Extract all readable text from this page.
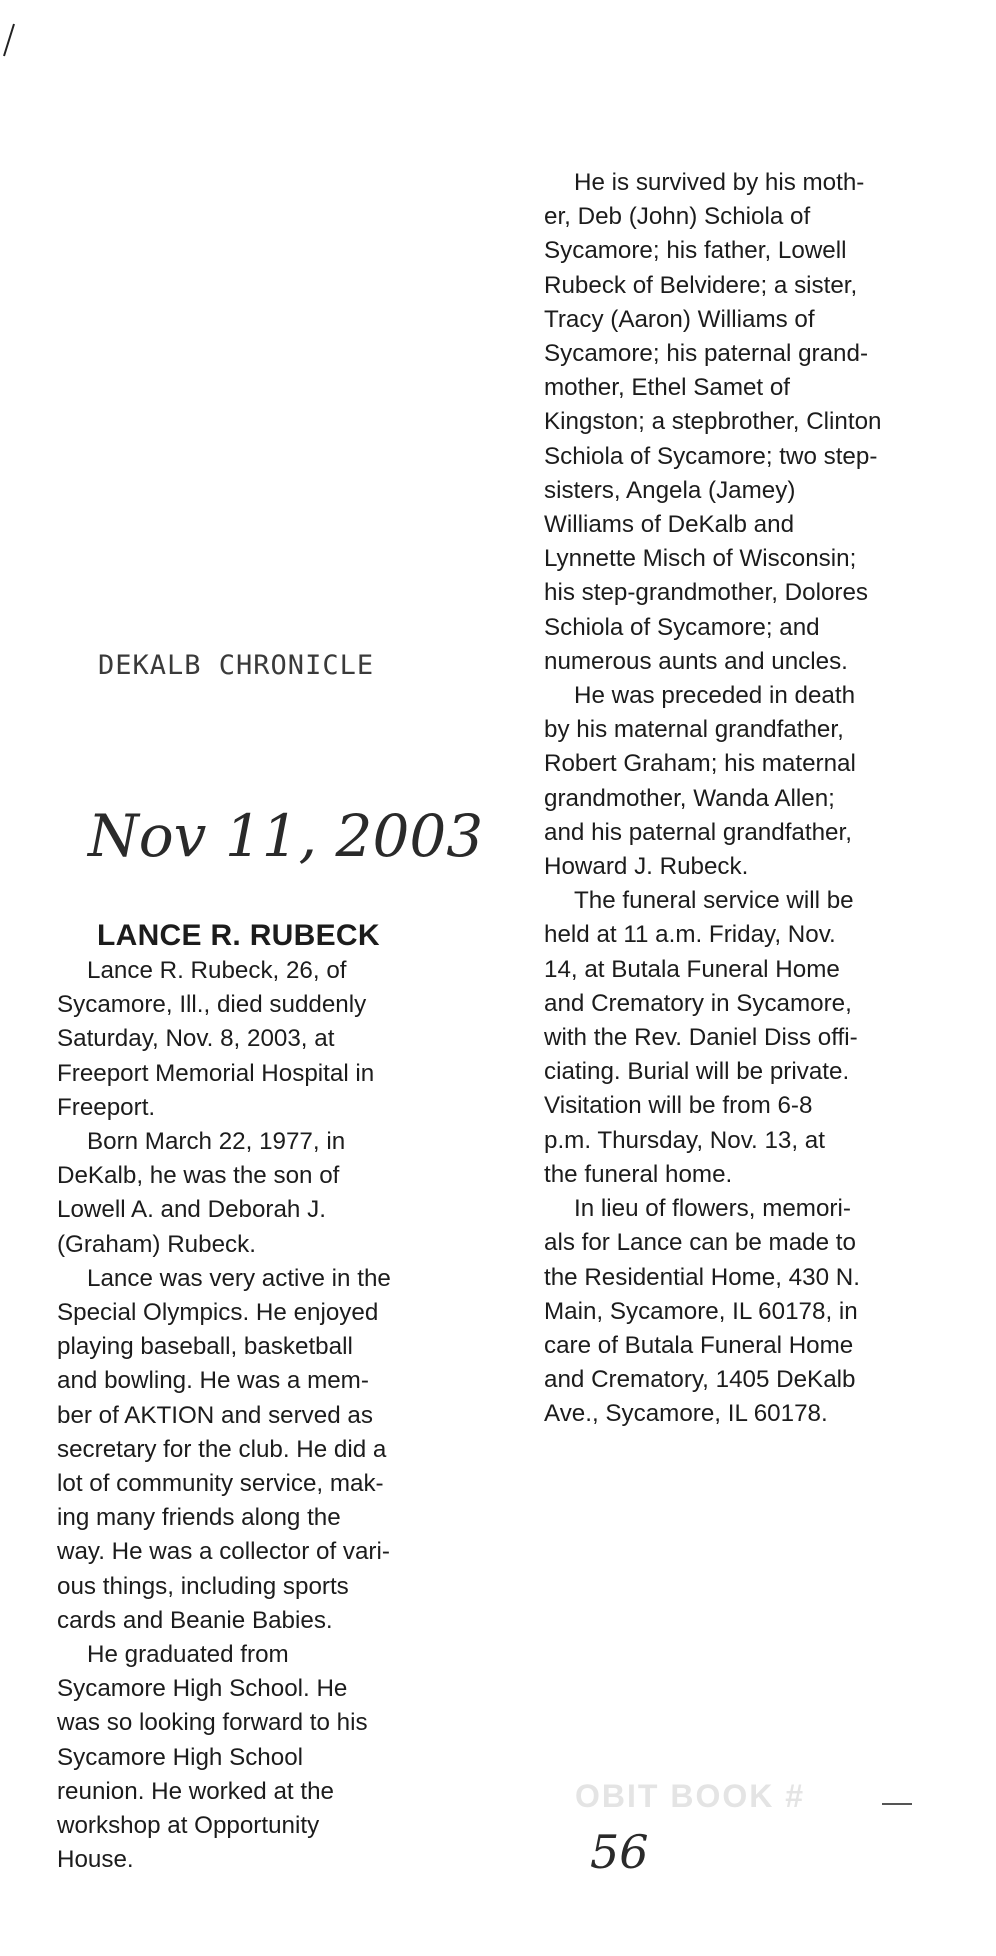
DEKALB CHRONICLE
Nov 11, 2003
LANCE R. RUBECK
Lance R. Rubeck, 26, of
Sycamore, Ill., died suddenly
Saturday, Nov. 8, 2003, at
Freeport Memorial Hospital in
Freeport.
Born March 22, 1977, in
DeKalb, he was the son of
Lowell A. and Deborah J.
(Graham) Rubeck.
Lance was very active in the
Special Olympics. He enjoyed
playing baseball, basketball
and bowling. He was a mem-
ber of AKTION and served as
secretary for the club. He did a
lot of community service, mak-
ing many friends along the
way. He was a collector of vari-
ous things, including sports
cards and Beanie Babies.
He graduated from
Sycamore High School. He
was so looking forward to his
Sycamore High School
reunion. He worked at the
workshop at Opportunity
House.
He is survived by his moth-
er, Deb (John) Schiola of
Sycamore; his father, Lowell
Rubeck of Belvidere; a sister,
Tracy (Aaron) Williams of
Sycamore; his paternal grand-
mother, Ethel Samet of
Kingston; a stepbrother, Clinton
Schiola of Sycamore; two step-
sisters, Angela (Jamey)
Williams of DeKalb and
Lynnette Misch of Wisconsin;
his step-grandmother, Dolores
Schiola of Sycamore; and
numerous aunts and uncles.
He was preceded in death
by his maternal grandfather,
Robert Graham; his maternal
grandmother, Wanda Allen;
and his paternal grandfather,
Howard J. Rubeck.
The funeral service will be
held at 11 a.m. Friday, Nov.
14, at Butala Funeral Home
and Crematory in Sycamore,
with the Rev. Daniel Diss offi-
ciating. Burial will be private.
Visitation will be from 6-8
p.m. Thursday, Nov. 13, at
the funeral home.
In lieu of flowers, memori-
als for Lance can be made to
the Residential Home, 430 N.
Main, Sycamore, IL 60178, in
care of Butala Funeral Home
and Crematory, 1405 DeKalb
Ave., Sycamore, IL 60178.
OBIT BOOK #
56
